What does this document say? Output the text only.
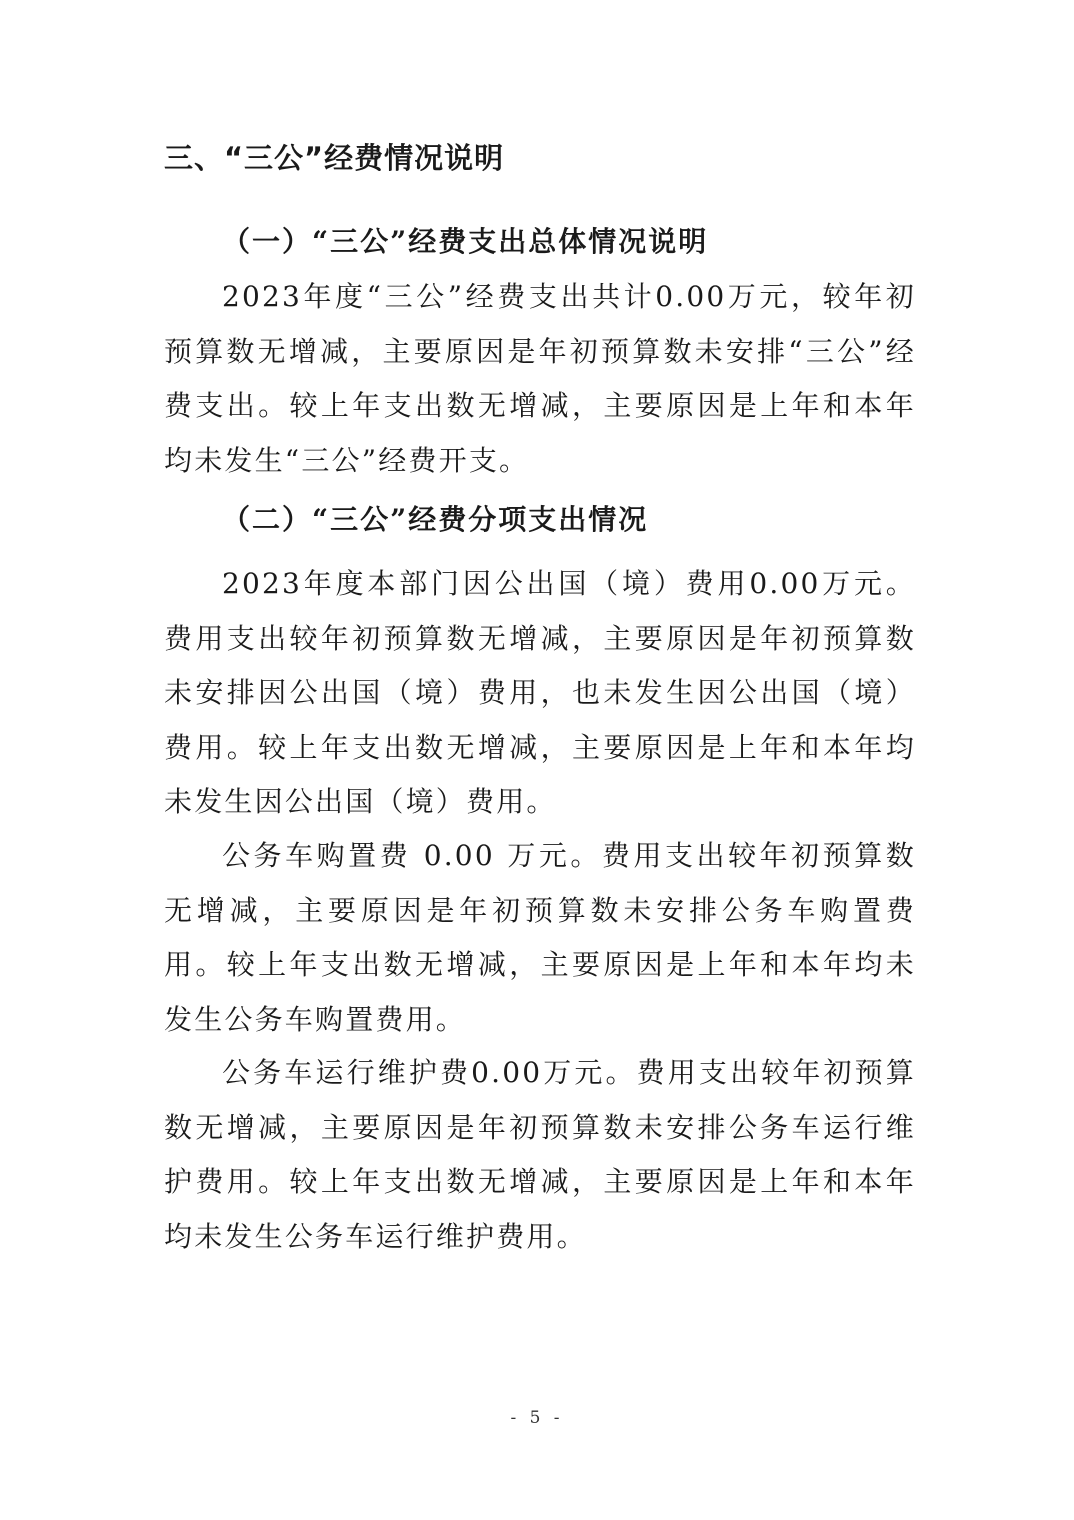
三、“三公”经费情况说明
（一）“三公”经费支出总体情况说明

2023年度“三公”经费支出共计0.00万元，较年初预算数无增减，主要原因是年初预算数未安排“三公”经费支出。较上年支出数无增减，主要原因是上年和本年均未发生“三公”经费开支。

（二）“三公”经费分项支出情况

2023年度本部门因公出国（境）费用0.00万元。费用支出较年初预算数无增减，主要原因是年初预算数未安排因公出国（境）费用，也未发生因公出国（境）费用。较上年支出数无增减，主要原因是上年和本年均未发生因公出国（境）费用。

公务车购置费 0.00 万元。费用支出较年初预算数无增减，主要原因是年初预算数未安排公务车购置费用。较上年支出数无增减，主要原因是上年和本年均未发生公务车购置费用。

公务车运行维护费0.00万元。费用支出较年初预算数无增减，主要原因是年初预算数未安排公务车运行维护费用。较上年支出数无增减，主要原因是上年和本年均未发生公务车运行维护费用。

- 5 -
